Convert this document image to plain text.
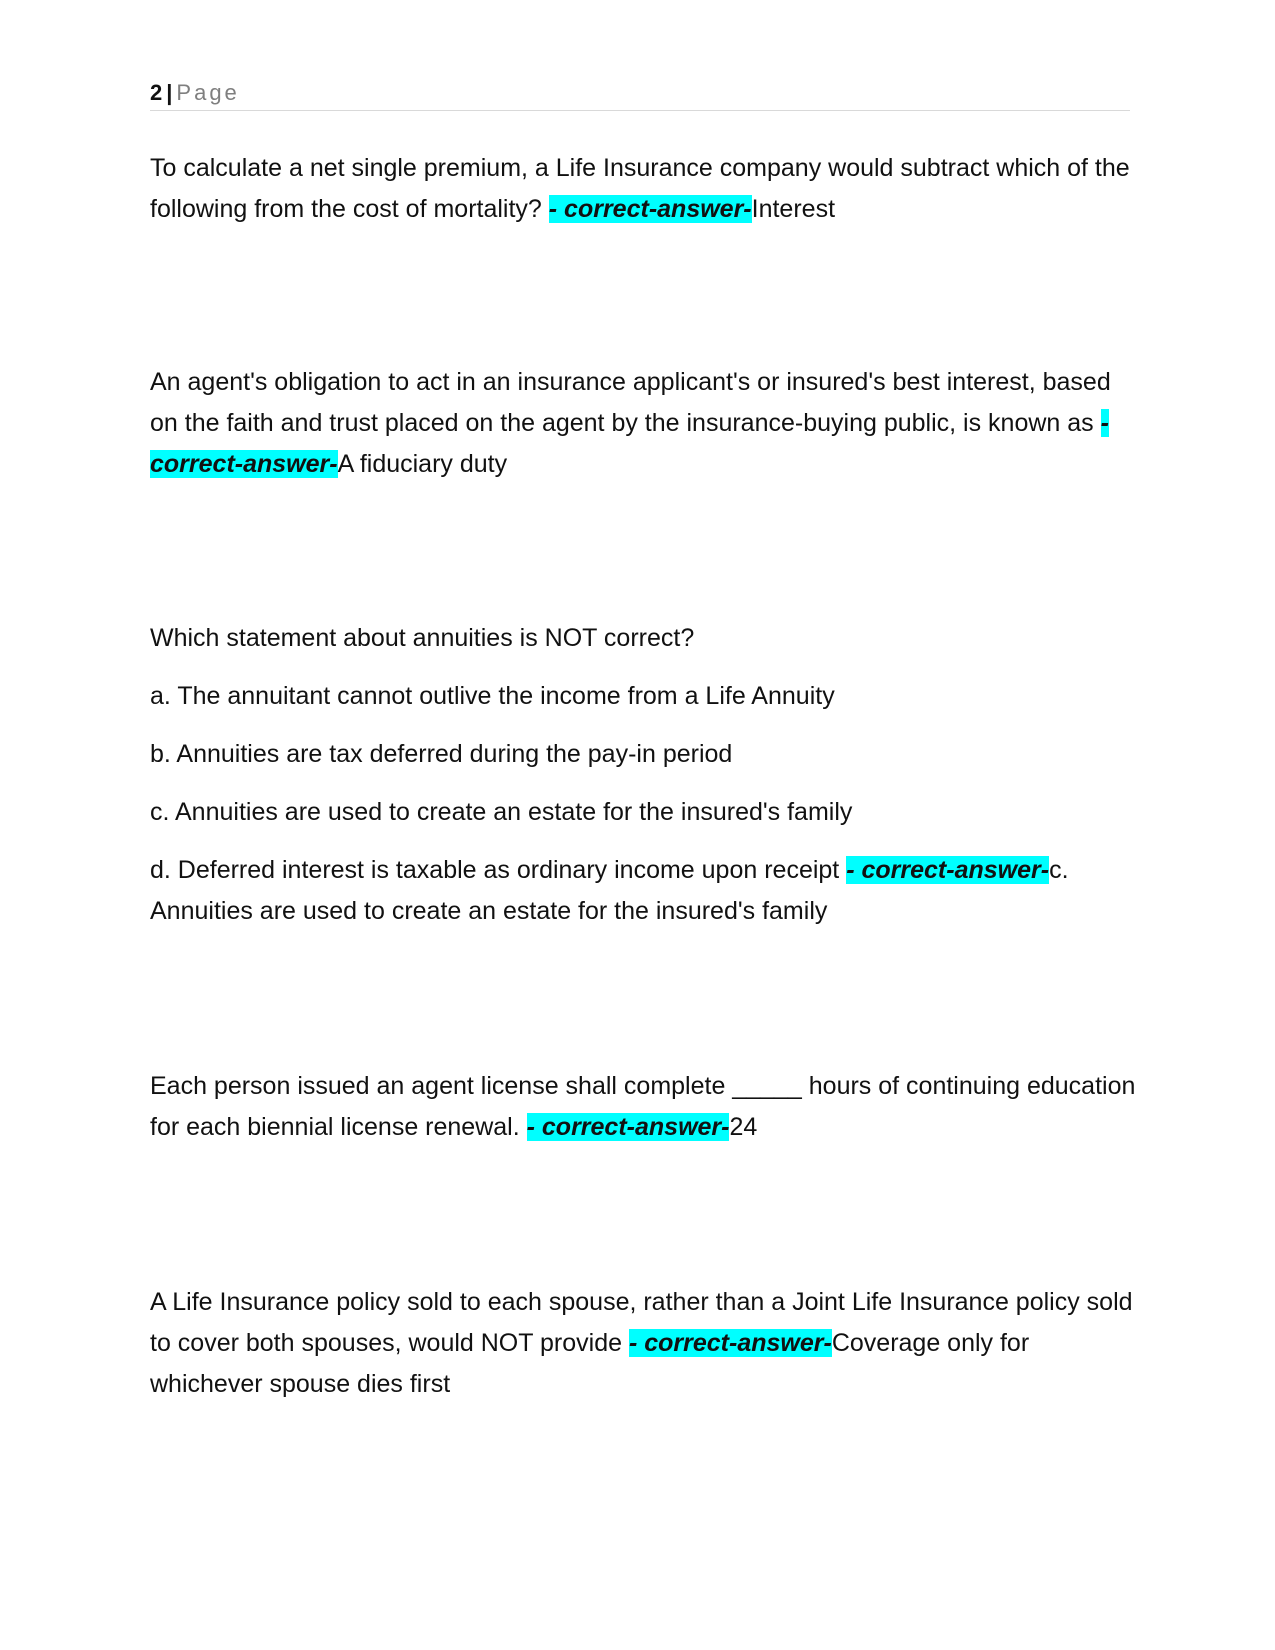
2 | Page

To calculate a net single premium, a Life Insurance company would subtract which of the following from the cost of mortality? - correct-answer-Interest

An agent's obligation to act in an insurance applicant's or insured's best interest, based on the faith and trust placed on the agent by the insurance-buying public, is known as - correct-answer-A fiduciary duty

Which statement about annuities is NOT correct?

a. The annuitant cannot outlive the income from a Life Annuity

b. Annuities are tax deferred during the pay-in period

c. Annuities are used to create an estate for the insured's family

d. Deferred interest is taxable as ordinary income upon receipt - correct-answer-c. Annuities are used to create an estate for the insured's family

Each person issued an agent license shall complete _____ hours of continuing education for each biennial license renewal. - correct-answer-24

A Life Insurance policy sold to each spouse, rather than a Joint Life Insurance policy sold to cover both spouses, would NOT provide - correct-answer-Coverage only for whichever spouse dies first
